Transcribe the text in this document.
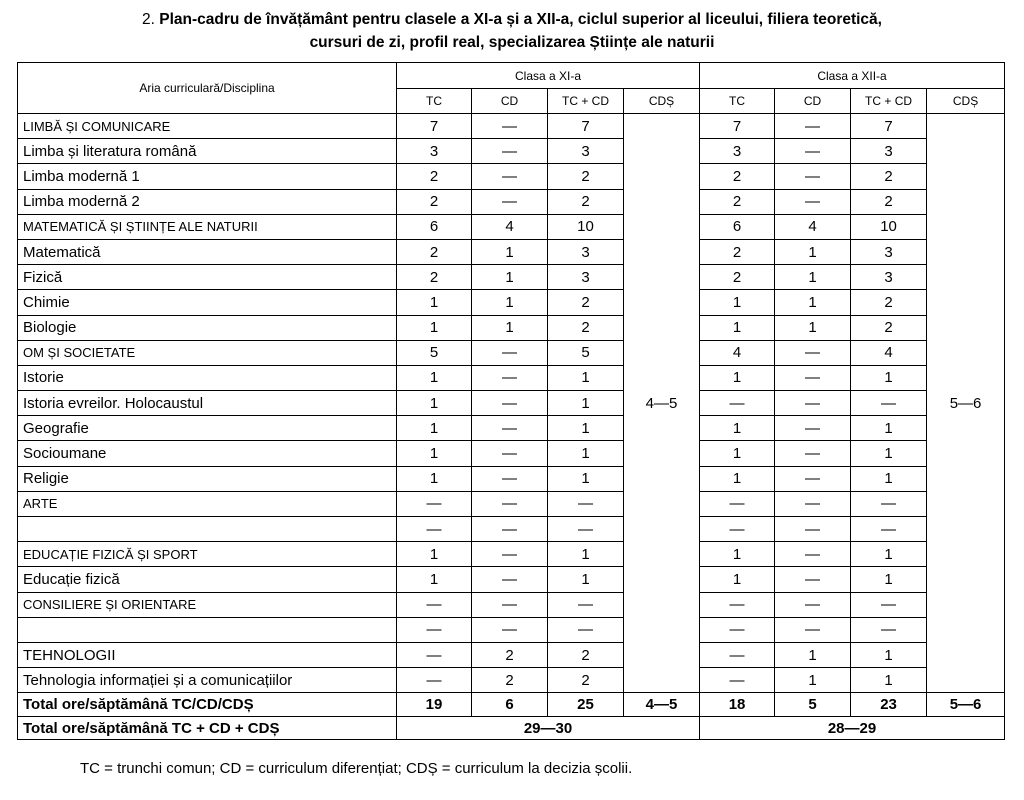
2. Plan-cadru de învățământ pentru clasele a XI-a și a XII-a, ciclul superior al liceului, filiera teoretică,
cursuri de zi, profil real, specializarea Științe ale naturii
Aria curriculară/Disciplina	Clasa a XI-a				Clasa a XII-a			
	TC	CD	TC + CD	CDȘ	TC	CD	TC + CD	CDȘ
LIMBĂ ȘI COMUNICARE	7	—	7	4—5	7	—	7	5—6
Limba și literatura română	3	—	3		3	—	3	
Limba modernă 1	2	—	2		2	—	2	
Limba modernă 2	2	—	2		2	—	2	
MATEMATICĂ ȘI ȘTIINȚE ALE NATURII	6	4	10		6	4	10	
Matematică	2	1	3		2	1	3	
Fizică	2	1	3		2	1	3	
Chimie	1	1	2		1	1	2	
Biologie	1	1	2		1	1	2	
OM ȘI SOCIETATE	5	—	5		4	—	4	
Istorie	1	—	1		1	—	1	
Istoria evreilor. Holocaustul	1	—	1		—	—	—	
Geografie	1	—	1		1	—	1	
Socioumane	1	—	1		1	—	1	
Religie	1	—	1		1	—	1	
ARTE	—	—	—		—	—	—	
	—	—	—		—	—	—	
EDUCAȚIE FIZICĂ ȘI SPORT	1	—	1		1	—	1	
Educație fizică	1	—	1		1	—	1	
CONSILIERE ȘI ORIENTARE	—	—	—		—	—	—	
	—	—	—		—	—	—	
TEHNOLOGII	—	2	2		—	1	1	
Tehnologia informației și a comunicațiilor	—	2	2		—	1	1	
Total ore/săptămână TC/CD/CDȘ	19	6	25	4—5	18	5	23	5—6
Total ore/săptămână TC + CD + CDȘ	29—30				28—29			
TC = trunchi comun; CD = curriculum diferențiat; CDȘ = curriculum la decizia școlii.
